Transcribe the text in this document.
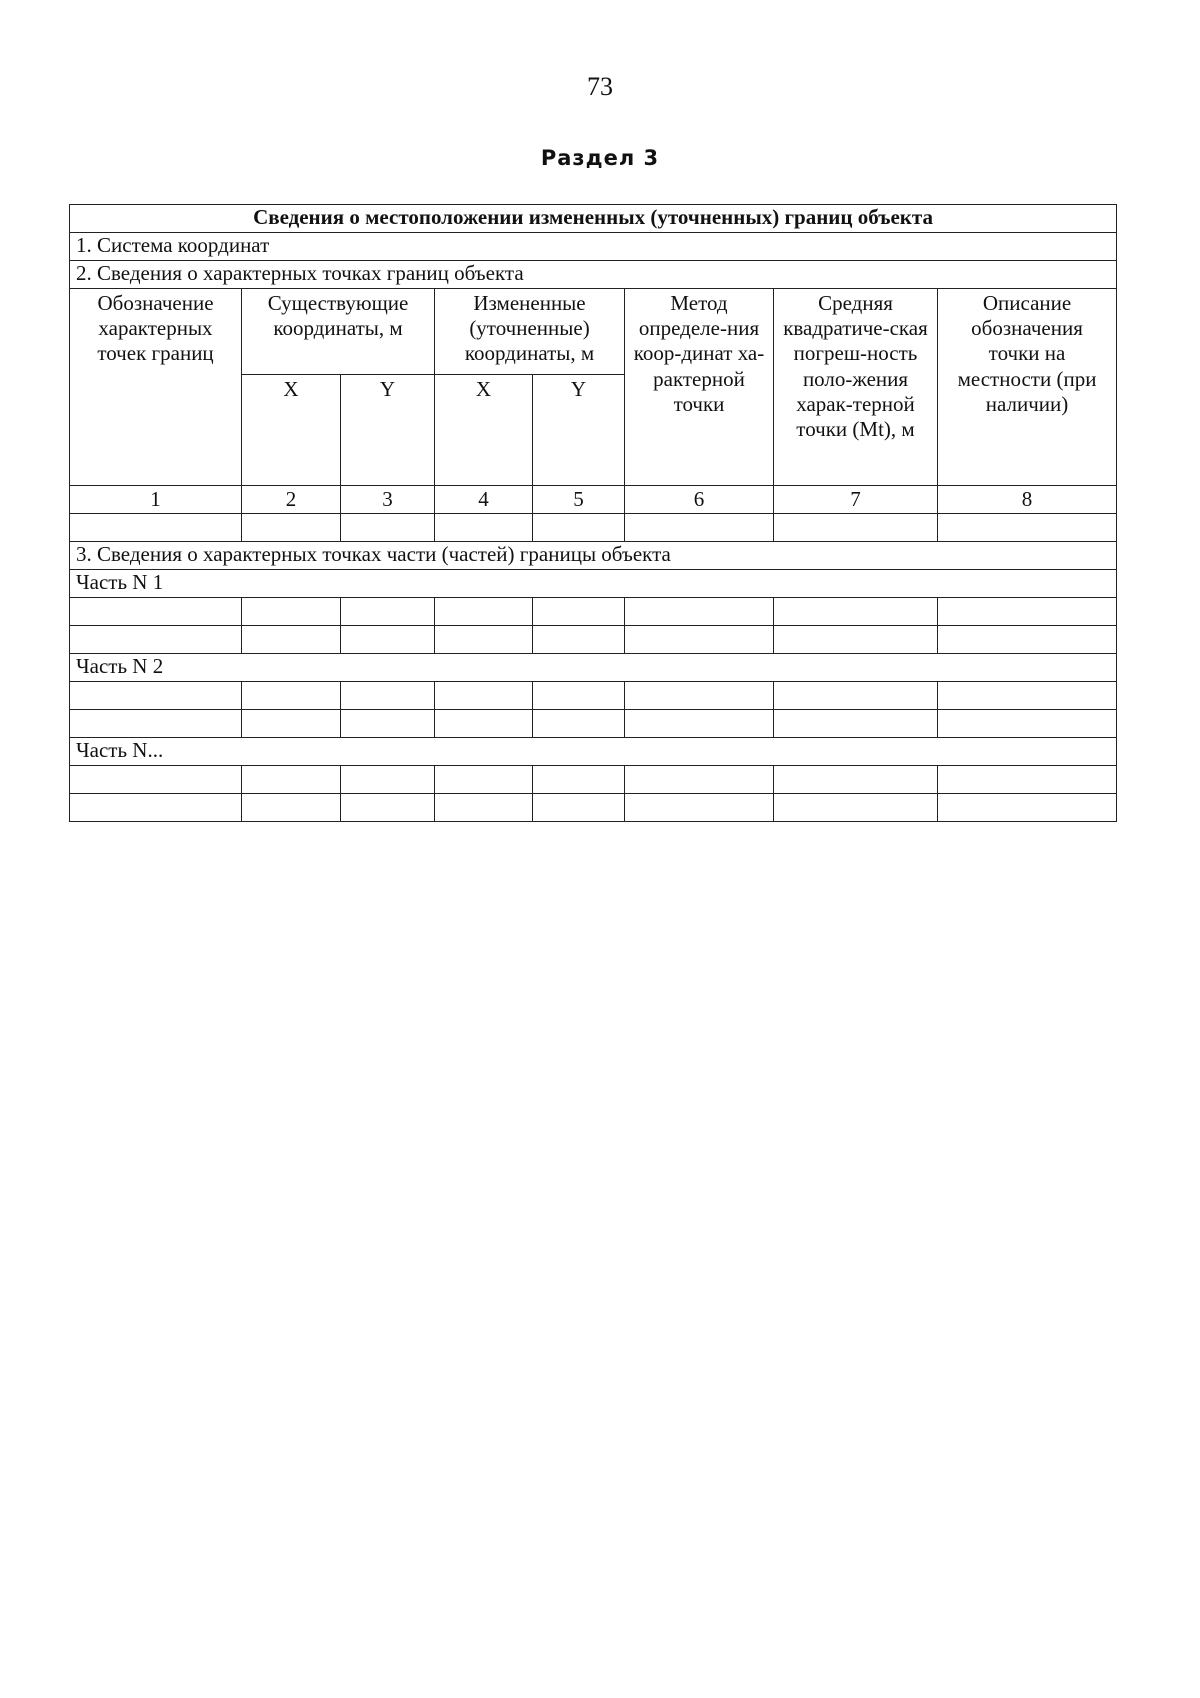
73
Раздел 3
Сведения о местоположении измененных (уточненных) границ объекта							
1. Система координат							
2. Сведения о характерных точках границ объекта							
Обозначение характерных точек границ	Существующие координаты, м		Измененные (уточненные) координаты, м		Метод определе-ния коор-динат ха-рактерной точки	Средняя квадратиче-ская погреш-ность поло-жения харак-терной точки (Mt), м	Описание обозначения точки на местности (при наличии)
	X	Y	X	Y			
1	2	3	4	5	6	7	8

3. Сведения о характерных точках части (частей) границы объекта							
Часть N 1							

Часть N 2							

Часть N...							
